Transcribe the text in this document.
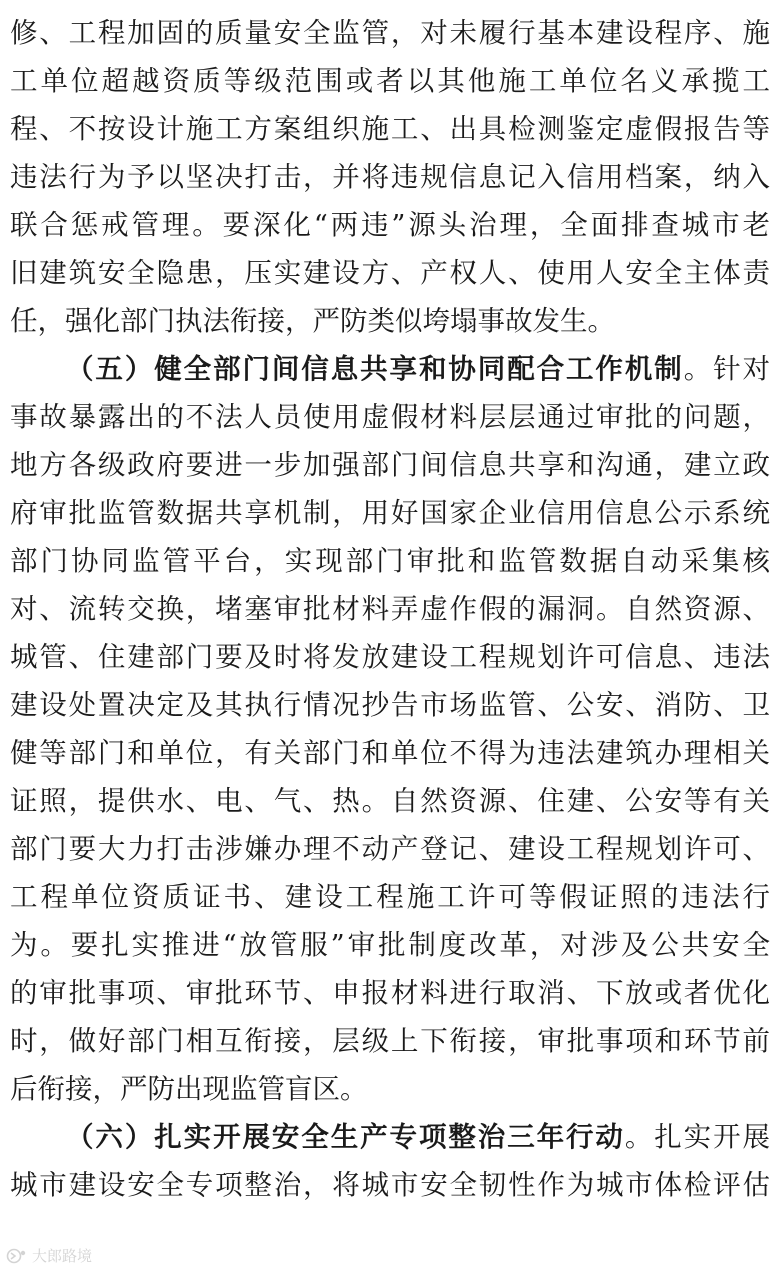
修、工程加固的质量安全监管，对未履行基本建设程序、施
工单位超越资质等级范围或者以其他施工单位名义承揽工
程、不按设计施工方案组织施工、出具检测鉴定虚假报告等
违法行为予以坚决打击，并将违规信息记入信用档案，纳入
联合惩戒管理。要深化“两违”源头治理，全面排查城市老
旧建筑安全隐患，压实建设方、产权人、使用人安全主体责
任，强化部门执法衔接，严防类似垮塌事故发生。
（五）健全部门间信息共享和协同配合工作机制。针对
事故暴露出的不法人员使用虚假材料层层通过审批的问题，
地方各级政府要进一步加强部门间信息共享和沟通，建立政
府审批监管数据共享机制，用好国家企业信用信息公示系统
部门协同监管平台，实现部门审批和监管数据自动采集核
对、流转交换，堵塞审批材料弄虚作假的漏洞。自然资源、
城管、住建部门要及时将发放建设工程规划许可信息、违法
建设处置决定及其执行情况抄告市场监管、公安、消防、卫
健等部门和单位，有关部门和单位不得为违法建筑办理相关
证照，提供水、电、气、热。自然资源、住建、公安等有关
部门要大力打击涉嫌办理不动产登记、建设工程规划许可、
工程单位资质证书、建设工程施工许可等假证照的违法行
为。要扎实推进“放管服”审批制度改革，对涉及公共安全
的审批事项、审批环节、申报材料进行取消、下放或者优化
时，做好部门相互衔接，层级上下衔接，审批事项和环节前
后衔接，严防出现监管盲区。
（六）扎实开展安全生产专项整治三年行动。扎实开展
城市建设安全专项整治，将城市安全韧性作为城市体检评估
大郎路境
